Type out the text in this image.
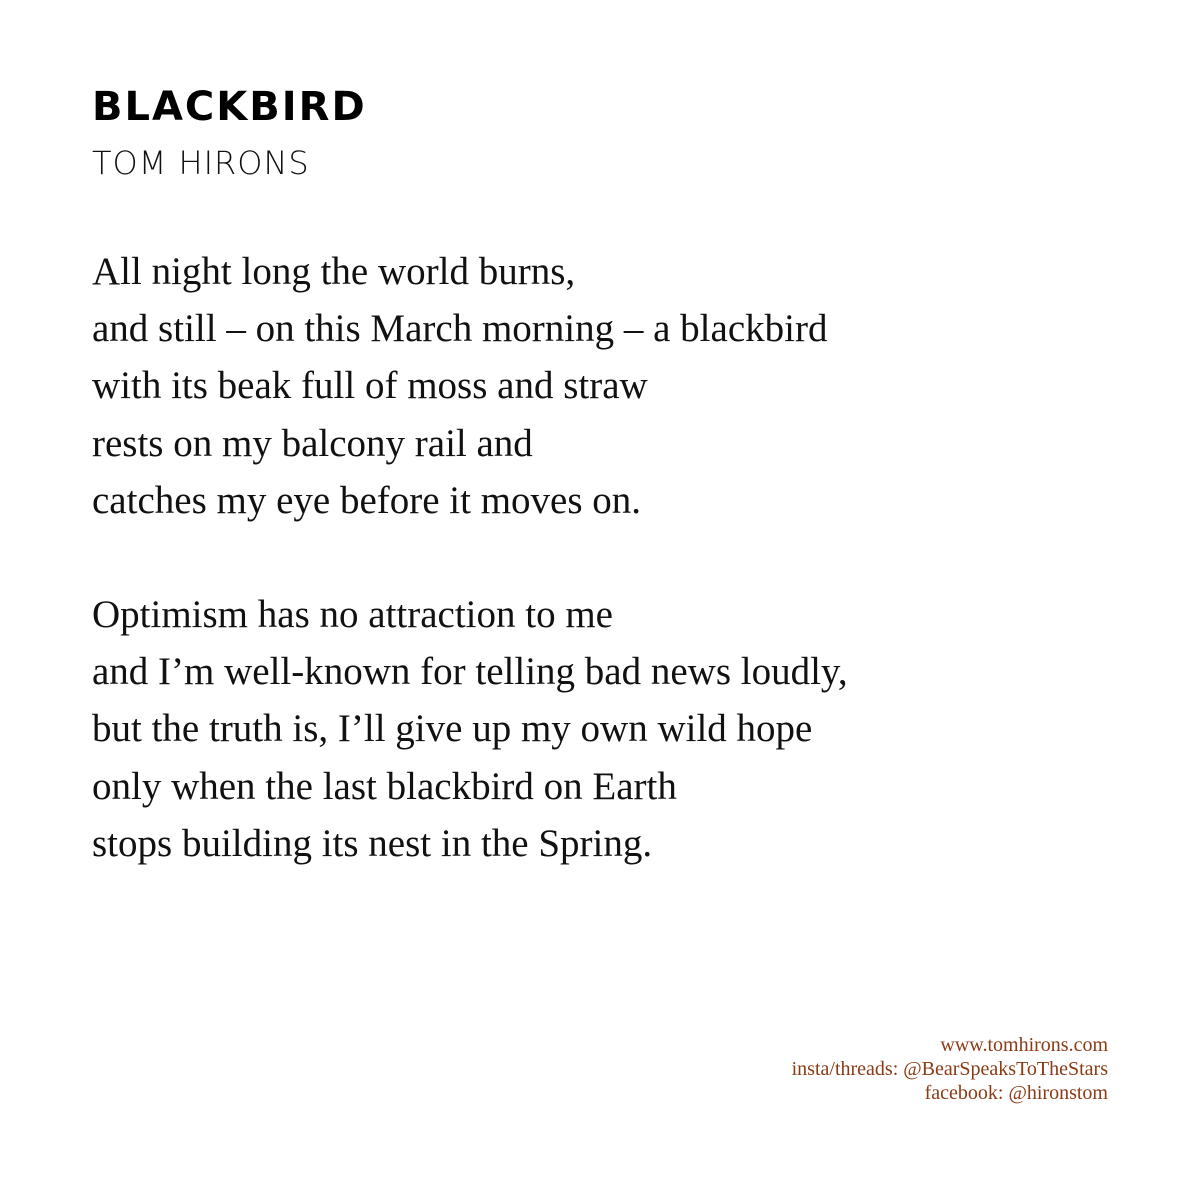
BLACKBIRD
TOM HIRONS
All night long the world burns,
and still – on this March morning – a blackbird
with its beak full of moss and straw
rests on my balcony rail and
catches my eye before it moves on.
Optimism has no attraction to me
and I’m well-known for telling bad news loudly,
but the truth is, I’ll give up my own wild hope
only when the last blackbird on Earth
stops building its nest in the Spring.
www.tomhirons.com
insta/threads: @BearSpeaksToTheStars
facebook: @hironstom
